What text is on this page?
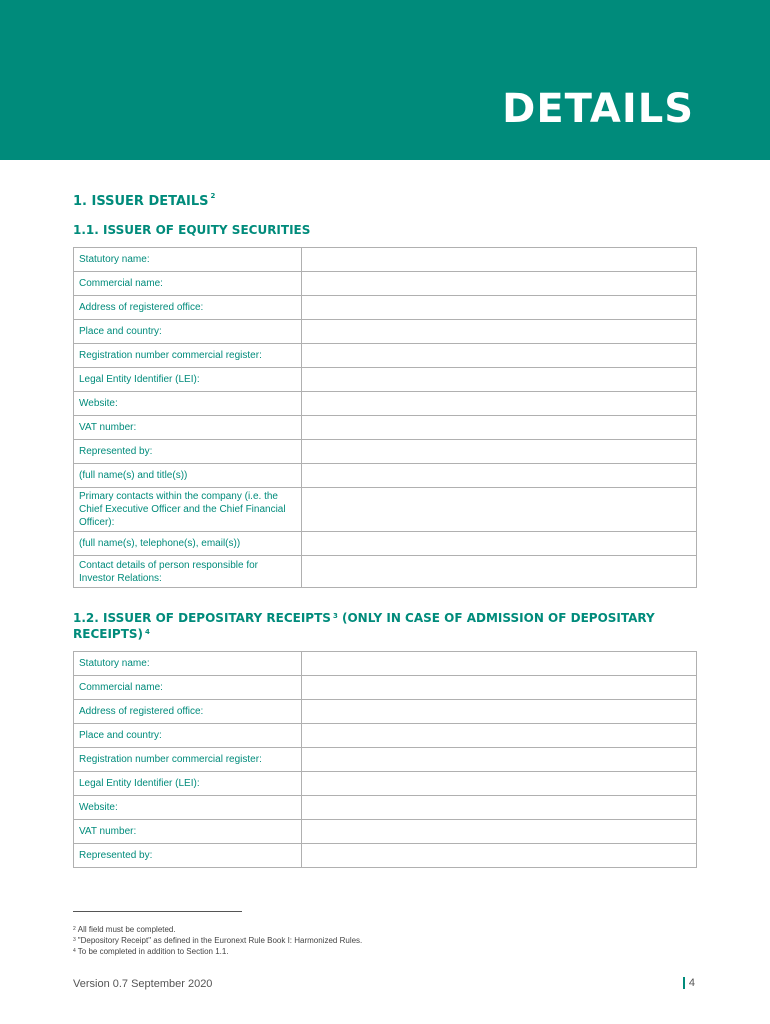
DETAILS
1. ISSUER DETAILS $^2$
1.1. ISSUER OF EQUITY SECURITIES
Statutory name:	
Commercial name:	
Address of registered office:	
Place and country:	
Registration number commercial register:	
Legal Entity Identifier (LEI):	
Website:	
VAT number:	
Represented by:	
(full name(s) and title(s))	
Primary contacts within the company (i.e. the Chief Executive Officer and the Chief Financial Officer):	
(full name(s), telephone(s), email(s))	
Contact details of person responsible for Investor Relations:	
1.2. ISSUER OF DEPOSITARY RECEIPTS $^3$ (ONLY IN CASE OF ADMISSION OF DEPOSITARY RECEIPTS) $^4$
Statutory name:	
Commercial name:	
Address of registered office:	
Place and country:	
Registration number commercial register:	
Legal Entity Identifier (LEI):	
Website:	
VAT number:	
Represented by:	
$^2$ All field must be completed.
$^3$ "Depository Receipt" as defined in the Euronext Rule Book I: Harmonized Rules.
$^4$ To be completed in addition to Section 1.1.
Version 0.7 September 2020	4
